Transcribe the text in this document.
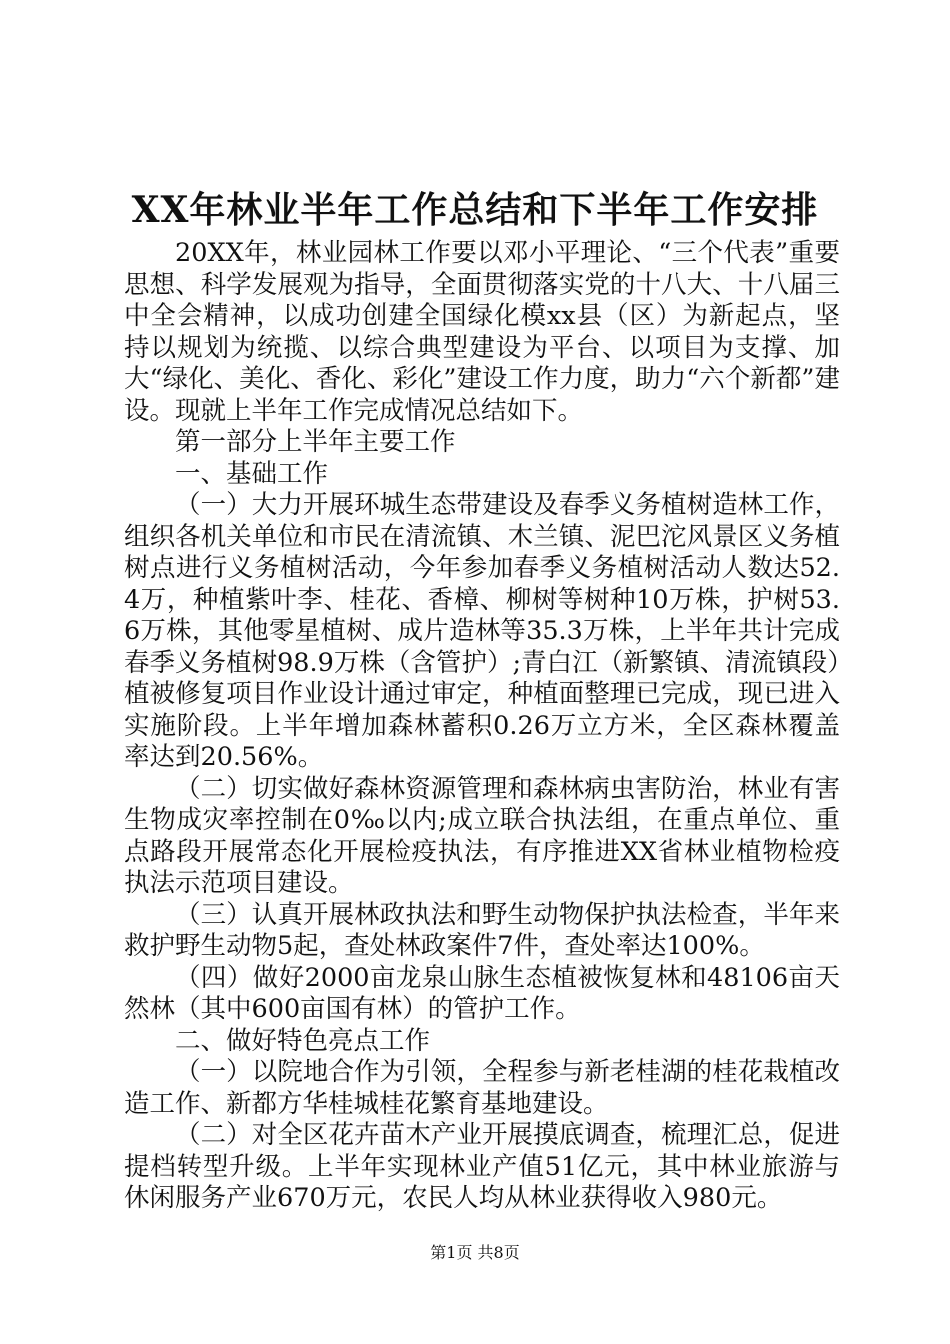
XX年林业半年工作总结和下半年工作安排

20XX年，林业园林工作要以邓小平理论、“三个代表”重要思想、科学发展观为指导，全面贯彻落实党的十八大、十八届三中全会精神，以成功创建全国绿化模xx县（区）为新起点，坚持以规划为统揽、以综合典型建设为平台、以项目为支撑、加大“绿化、美化、香化、彩化”建设工作力度，助力“六个新都”建设。现就上半年工作完成情况总结如下。

第一部分上半年主要工作

一、基础工作

（一）大力开展环城生态带建设及春季义务植树造林工作，组织各机关单位和市民在清流镇、木兰镇、泥巴沱风景区义务植树点进行义务植树活动，今年参加春季义务植树活动人数达52.4万，种植紫叶李、桂花、香樟、柳树等树种10万株，护树53.6万株，其他零星植树、成片造林等35.3万株，上半年共计完成春季义务植树98.9万株（含管护）;青白江（新繁镇、清流镇段）植被修复项目作业设计通过审定，种植面整理已完成，现已进入实施阶段。上半年增加森林蓄积0.26万立方米，全区森林覆盖率达到20.56%。

（二）切实做好森林资源管理和森林病虫害防治，林业有害生物成灾率控制在0‰以内;成立联合执法组，在重点单位、重点路段开展常态化开展检疫执法，有序推进XX省林业植物检疫执法示范项目建设。

（三）认真开展林政执法和野生动物保护执法检查，半年来救护野生动物5起，查处林政案件7件，查处率达100%。

（四）做好2000亩龙泉山脉生态植被恢复林和48106亩天然林（其中600亩国有林）的管护工作。

二、做好特色亮点工作

（一）以院地合作为引领，全程参与新老桂湖的桂花栽植改造工作、新都方华桂城桂花繁育基地建设。

（二）对全区花卉苗木产业开展摸底调查，梳理汇总，促进提档转型升级。上半年实现林业产值51亿元，其中林业旅游与休闲服务产业670万元，农民人均从林业获得收入980元。

第1页 共8页
